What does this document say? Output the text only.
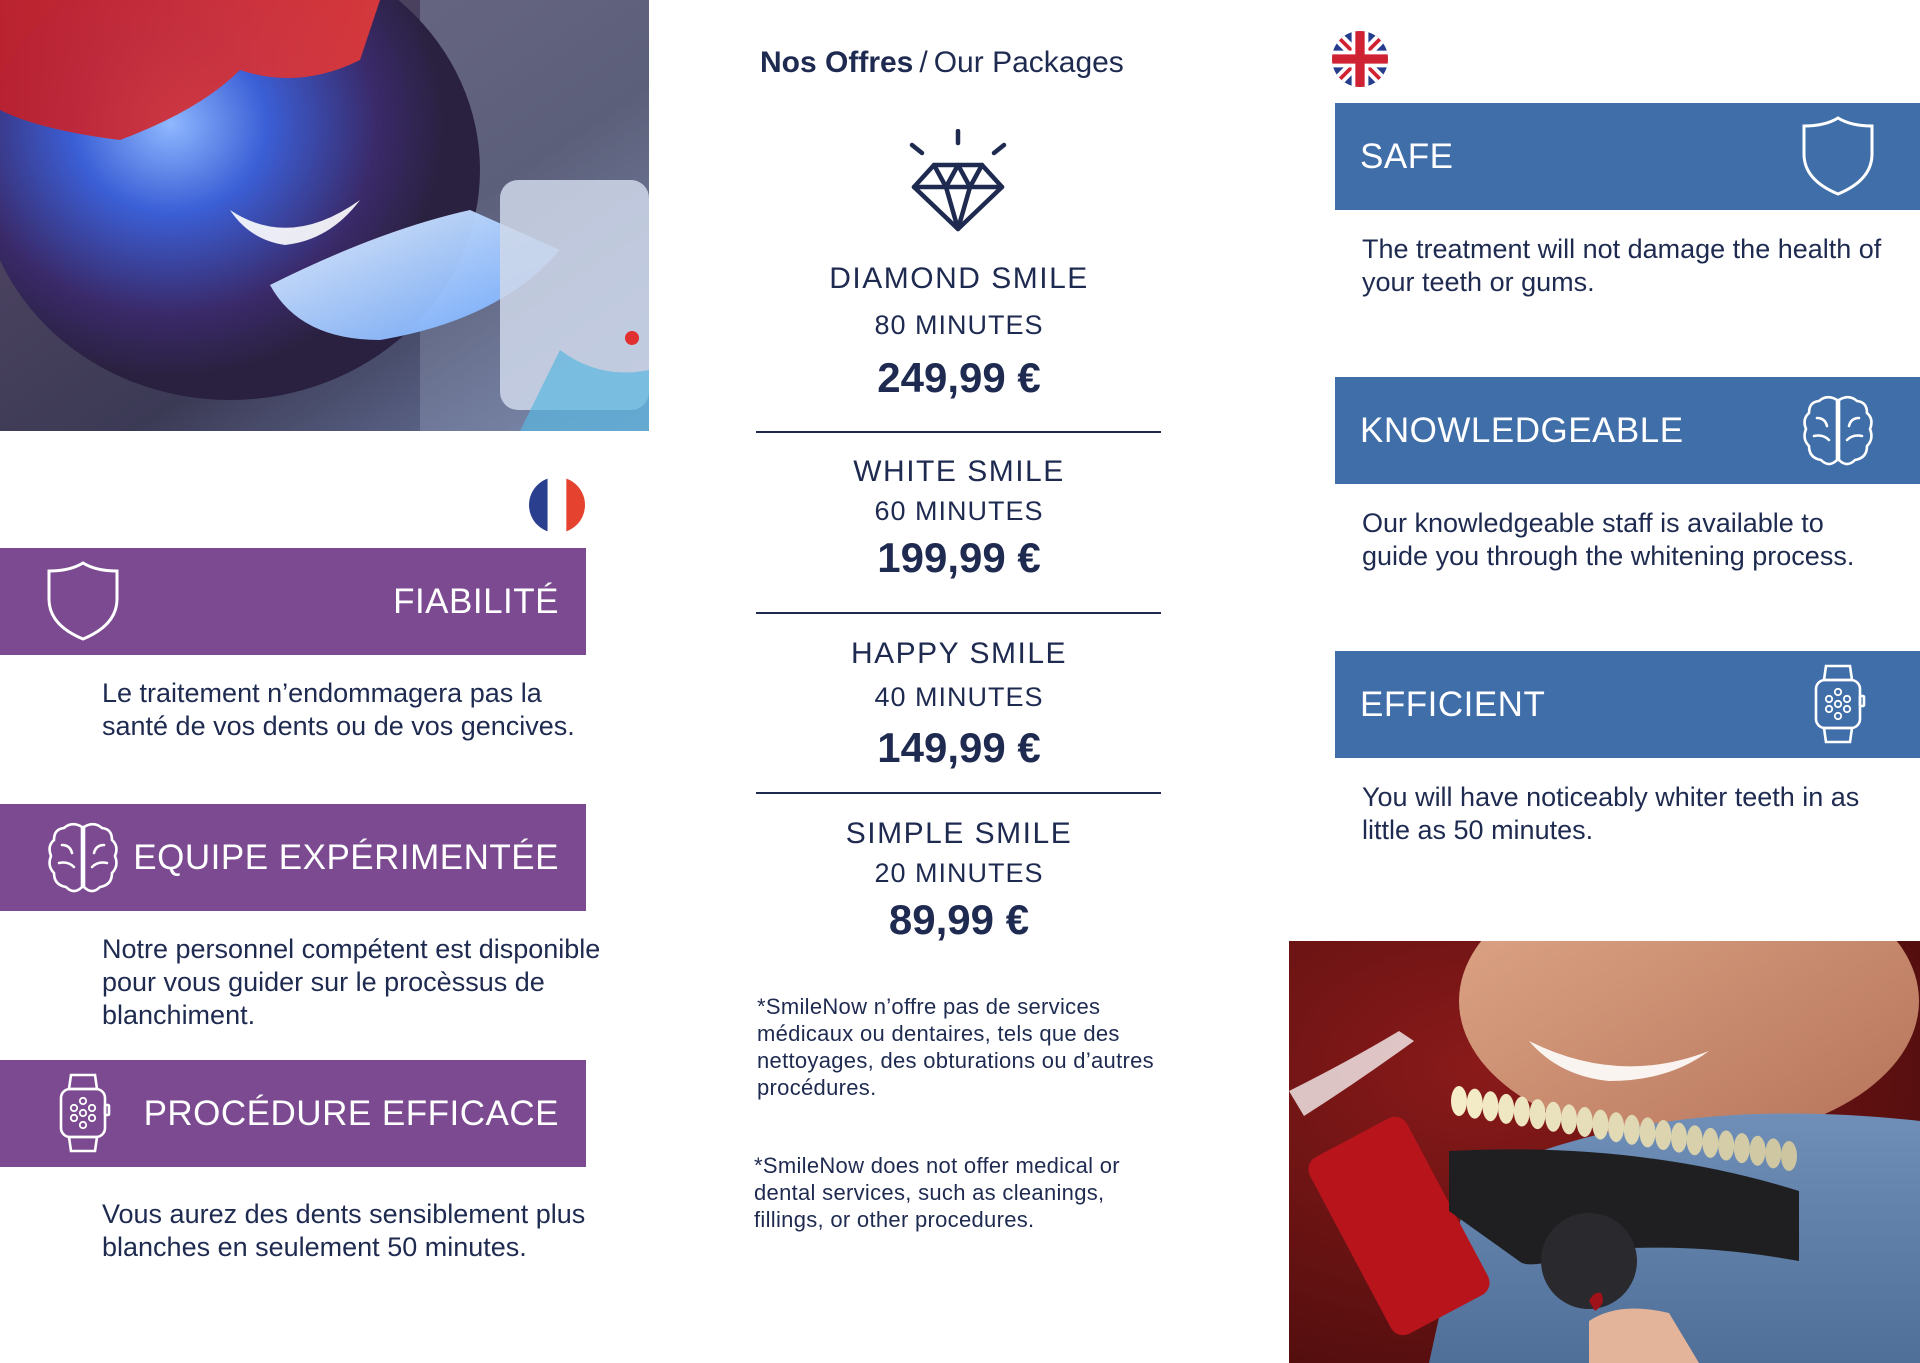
FIABILITÉ
Le traitement n’endommagera pas la santé de vos dents ou de vos gencives.
EQUIPE EXPÉRIMENTÉE
Notre personnel compétent est disponible pour vous guider sur le procèssus de blanchiment.
PROCÉDURE EFFICACE
Vous aurez des dents sensiblement plus blanches en seulement 50 minutes.
Nos Offres / Our Packages
DIAMOND SMILE
80 MINUTES
249,99 €
WHITE SMILE
60 MINUTES
199,99 €
HAPPY SMILE
40 MINUTES
149,99 €
SIMPLE SMILE
20 MINUTES
89,99 €
*SmileNow n’offre pas de services médicaux ou dentaires, tels que des nettoyages, des obturations ou d’autres procédures.
*SmileNow does not offer medical or dental services, such as cleanings, fillings, or other procedures.
SAFE
The treatment will not damage the health of your teeth or gums.
KNOWLEDGEABLE
Our knowledgeable staff is available to guide you through the whitening process.
EFFICIENT
You will have noticeably whiter teeth in as little as 50 minutes.
